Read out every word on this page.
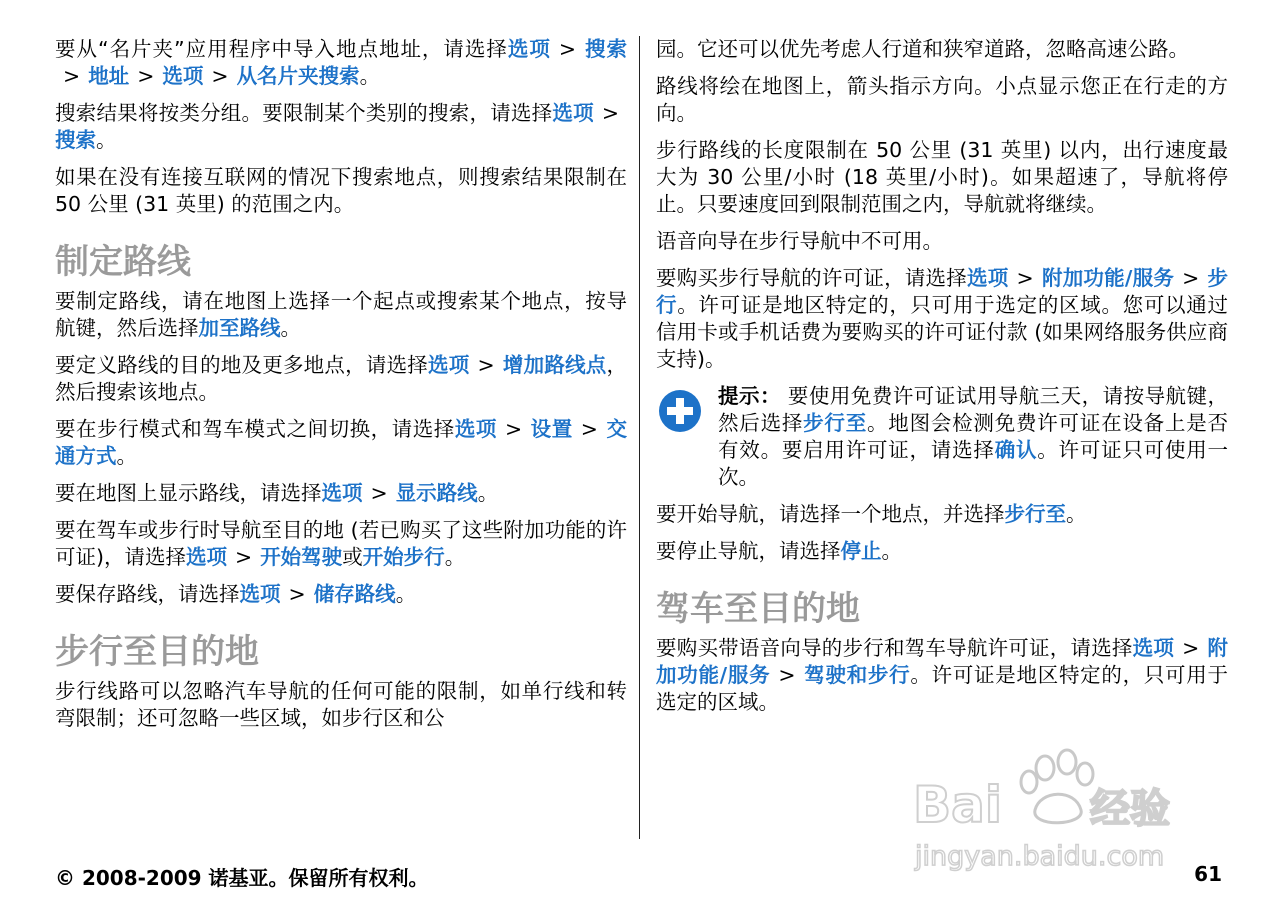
要从“名片夹”应用程序中导入地点地址，请选择选项 > 搜索> 地址 > 选项 > 从名片夹搜索。

搜索结果将按类分组。要限制某个类别的搜索，请选择选项 >搜索。

如果在没有连接互联网的情况下搜索地点，则搜索结果限制在 50 公里 (31 英里) 的范围之内。

制定路线

要制定路线，请在地图上选择一个起点或搜索某个地点，按导航键，然后选择加至路线。

要定义路线的目的地及更多地点，请选择选项 > 增加路线点，然后搜索该地点。

要在步行模式和驾车模式之间切换，请选择选项 > 设置 > 交通方式。

要在地图上显示路线，请选择选项 > 显示路线。

要在驾车或步行时导航至目的地 (若已购买了这些附加功能的许可证)，请选择选项 > 开始驾驶或开始步行。

要保存路线，请选择选项 > 储存路线。

步行至目的地

步行线路可以忽略汽车导航的任何可能的限制，如单行线和转弯限制；还可忽略一些区域，如步行区和公

园。它还可以优先考虑人行道和狭窄道路，忽略高速公路。

路线将绘在地图上，箭头指示方向。小点显示您正在行走的方向。

步行路线的长度限制在 50 公里 (31 英里) 以内，出行速度最大为 30 公里/小时 (18 英里/小时)。如果超速了，导航将停止。只要速度回到限制范围之内，导航就将继续。

语音向导在步行导航中不可用。

要购买步行导航的许可证，请选择选项 > 附加功能/服务 > 步行。许可证是地区特定的，只可用于选定的区域。您可以通过信用卡或手机话费为要购买的许可证付款 (如果网络服务供应商支持)。

提示： 要使用免费许可证试用导航三天，请按导航键，然后选择步行至。地图会检测免费许可证在设备上是否有效。要启用许可证，请选择确认。许可证只可使用一次。

要开始导航，请选择一个地点，并选择步行至。

要停止导航，请选择停止。

驾车至目的地

要购买带语音向导的步行和驾车导航许可证，请选择选项 > 附加功能/服务 > 驾驶和步行。许可证是地区特定的，只可用于选定的区域。

Bai 经验
jingyan.baidu.com
© 2008-2009 诺基亚。保留所有权利。	61
